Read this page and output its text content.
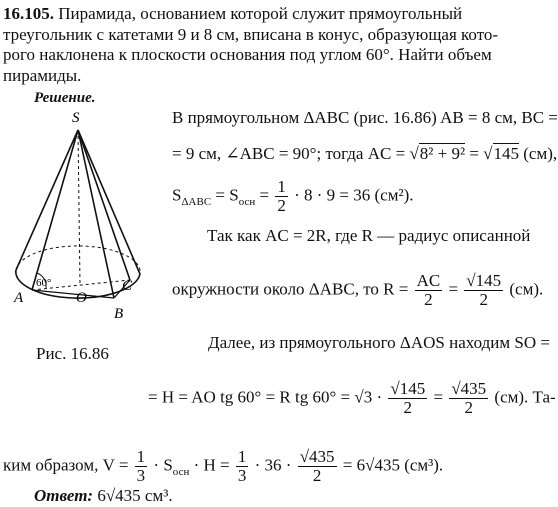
16.105. Пирамида, основанием которой служит прямоугольный
треугольник с катетами 9 и 8 см, вписана в конус, образующая кото-
рого наклонена к плоскости основания под углом 60°. Найти объем
пирамиды.
Решение.
S
A
60°
O
C
B
Рис. 16.86
В прямоугольном ΔABC (рис. 16.86) AB = 8 см, BC =
= 9 см, ∠ABC = 90°; тогда AC = √8² + 9² = √145 (см),
$S_{\Delta ABC} = S_{осн} = \frac{1}{2} \cdot 8 \cdot 9 = 36$ (см²).
Так как AC = 2R, где R — радиус описанной
окружности около ΔABC, то $R = \frac{AC}{2} = \frac{√145}{2} (см)$.
Далее, из прямоугольного ΔAOS находим SO =
= H = AO tg 60° = R tg $60^\circ = √3 \cdot \frac{√145}{2} = \frac{√435}{2} (см)$. Та-
ким образом, $V = \frac{1}{3} \cdot S_{осн} \cdot H = \frac{1}{3} \cdot 36 \cdot \frac{√435}{2} = 6√435$ (см³).
Ответ: 6√435 см³.
